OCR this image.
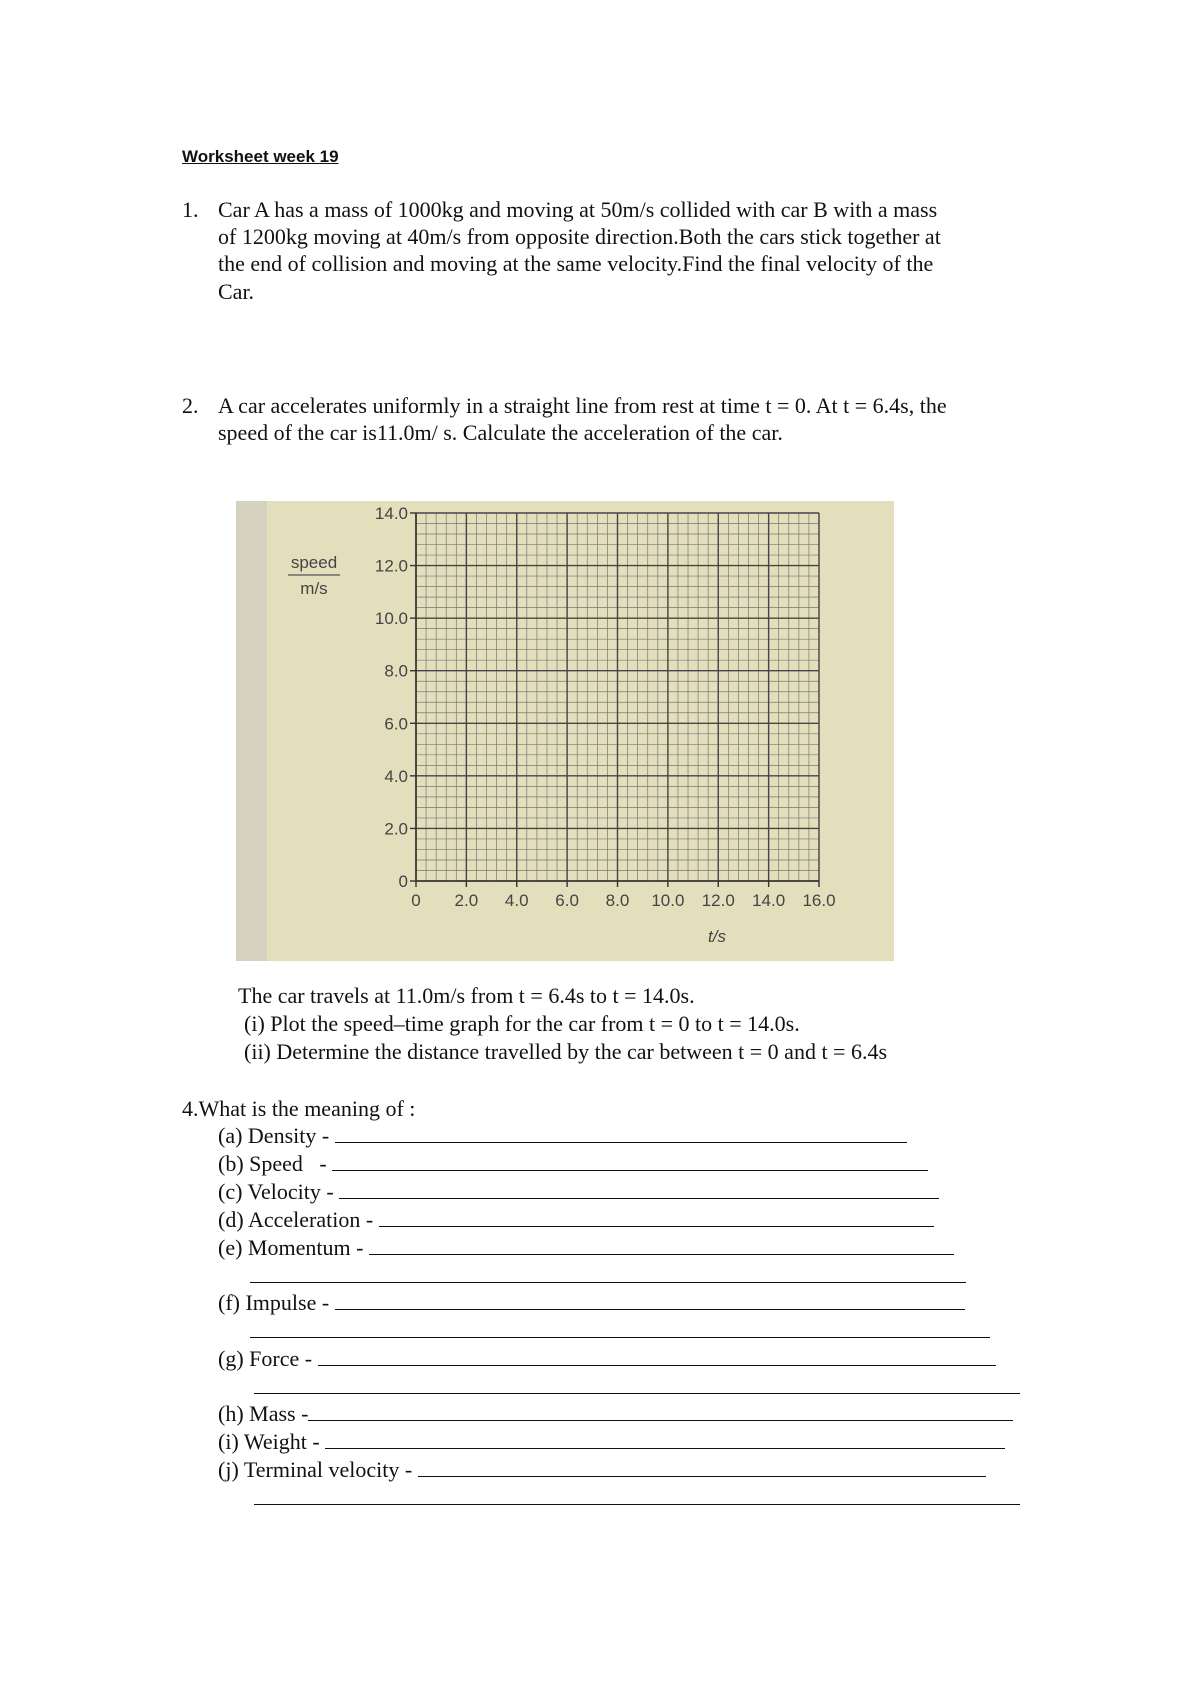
Worksheet week 19
1. Car A has a mass of 1000kg and moving at 50m/s collided with car B with a mass
of 1200kg moving at 40m/s from opposite direction.Both the cars stick together at
the end of collision and moving at the same velocity.Find the final velocity of the
Car.
2. A car accelerates uniformly in a straight line from rest at time t = 0. At t = 6.4s, the
speed of the car is11.0m/ s. Calculate the acceleration of the car.
0
2.0
4.0
6.0
8.0
10.0
12.0
14.0
0 2.0 4.0 6.0 8.0 10.0 12.0 14.0 16.0
speed
m/s
t/s
The car travels at 11.0m/s from t = 6.4s to t = 14.0s.
(i) Plot the speed–time graph for the car from t = 0 to t = 14.0s.
(ii) Determine the distance travelled by the car between t = 0 and t = 6.4s
4.What is the meaning of :
(a) Density -
(b) Speed   -
(c) Velocity -
(d) Acceleration -
(e) Momentum -
(f) Impulse -
(g) Force -
(h) Mass -
(i) Weight -
(j) Terminal velocity -
